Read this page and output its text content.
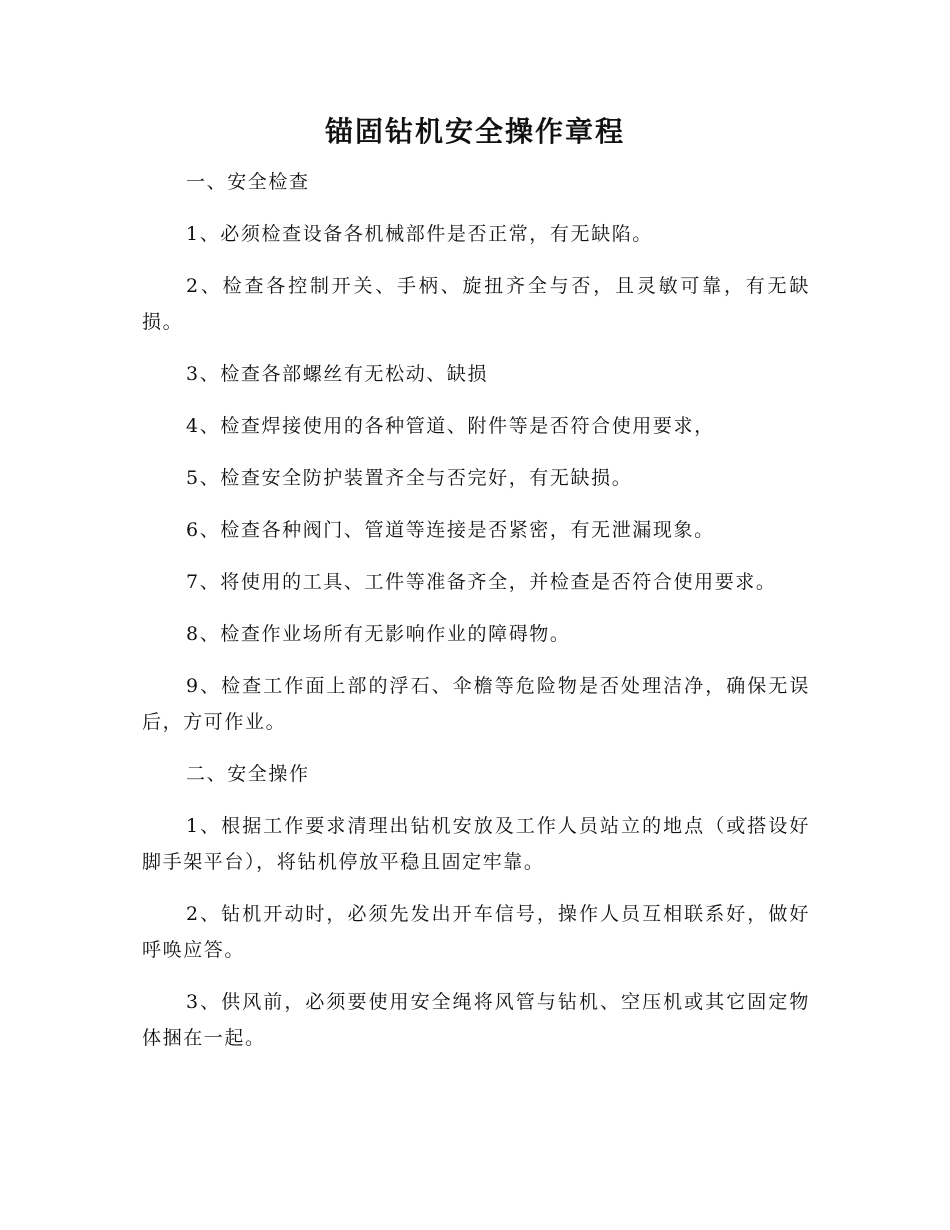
锚固钻机安全操作章程

一、安全检查

1、必须检查设备各机械部件是否正常，有无缺陷。

2、检查各控制开关、手柄、旋扭齐全与否，且灵敏可靠，有无缺损。

3、检查各部螺丝有无松动、缺损

4、检查焊接使用的各种管道、附件等是否符合使用要求，

5、检查安全防护装置齐全与否完好，有无缺损。

6、检查各种阀门、管道等连接是否紧密，有无泄漏现象。

7、将使用的工具、工件等准备齐全，并检查是否符合使用要求。

8、检查作业场所有无影响作业的障碍物。

9、检查工作面上部的浮石、伞檐等危险物是否处理洁净，确保无误后，方可作业。

二、安全操作

1、根据工作要求清理出钻机安放及工作人员站立的地点（或搭设好脚手架平台），将钻机停放平稳且固定牢靠。

2、钻机开动时，必须先发出开车信号，操作人员互相联系好，做好呼唤应答。

3、供风前，必须要使用安全绳将风管与钻机、空压机或其它固定物体捆在一起。
